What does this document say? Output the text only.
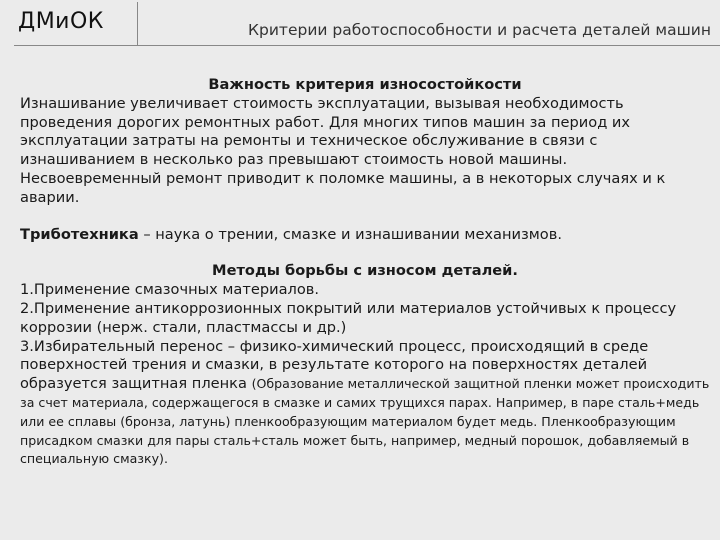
ДМиОК	Критерии работоспособности и расчета деталей машин

Важность критерия износостойкости

Изнашивание увеличивает стоимость эксплуатации, вызывая необходимость проведения дорогих ремонтных работ. Для многих типов машин за период их эксплуатации затраты на ремонты и техническое обслуживание в связи с изнашиванием в несколько раз превышают стоимость новой машины. Несвоевременный ремонт приводит к поломке машины, а в некоторых случаях и к аварии.

Триботехника – наука о трении, смазке и изнашивании механизмов.

Методы борьбы с износом деталей.

1.Применение смазочных материалов.

2.Применение антикоррозионных покрытий или материалов устойчивых к процессу коррозии (нерж. стали, пластмассы и др.)

3.Избирательный перенос – физико-химический процесс, происходящий в среде поверхностей трения и смазки, в результате которого на поверхностях деталей образуется защитная пленка (Образование металлической защитной пленки может происходить за счет материала, содержащегося в смазке и самих трущихся парах. Например, в паре сталь+медь или ее сплавы (бронза, латунь) пленкообразующим материалом будет медь. Пленкообразующим присадком смазки для пары сталь+сталь может быть, например, медный порошок, добавляемый в специальную смазку).
